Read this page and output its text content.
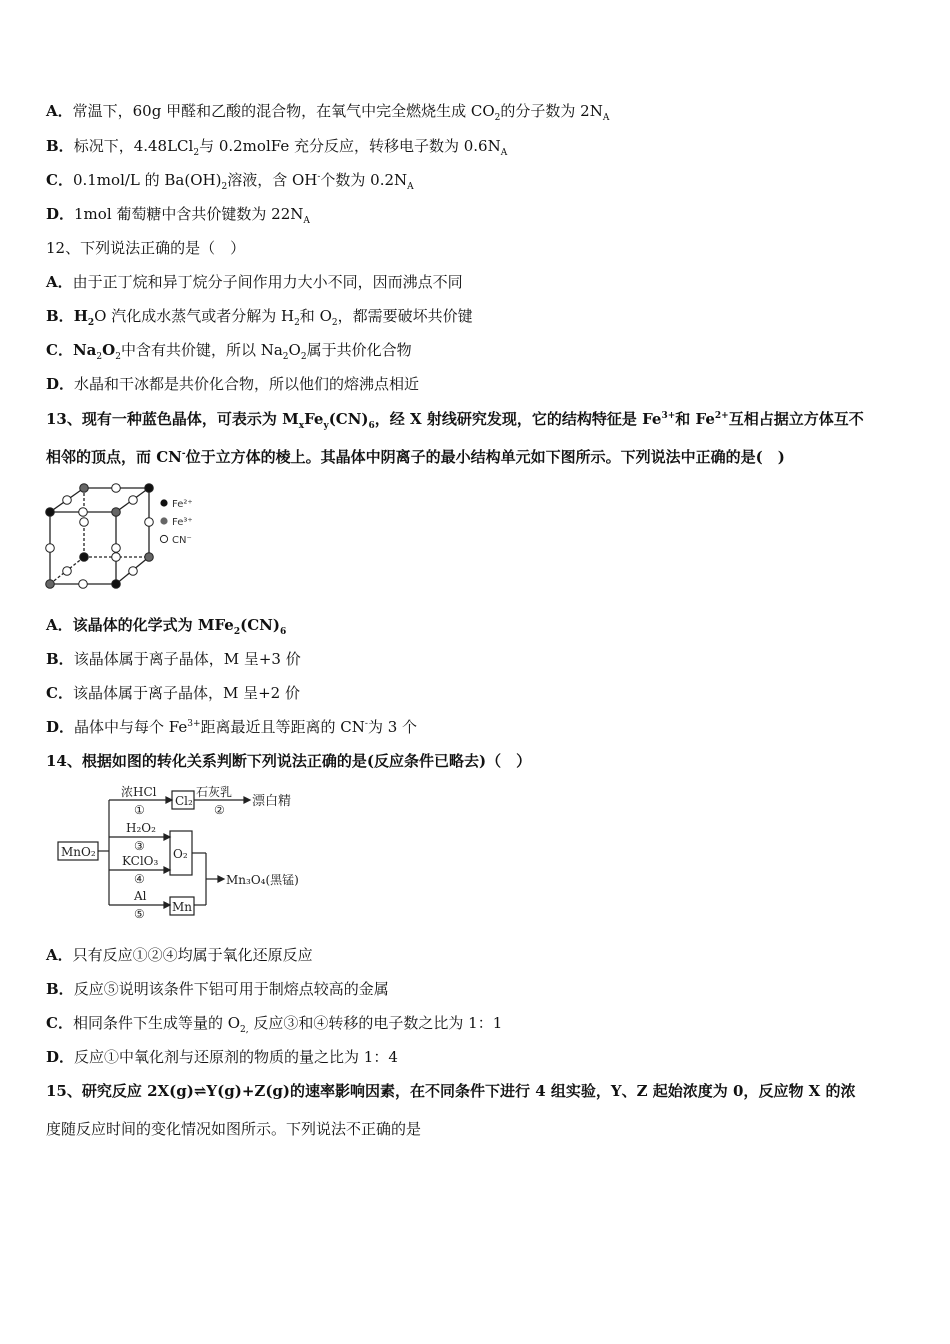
A．常温下，60g 甲醛和乙酸的混合物，在氧气中完全燃烧生成 $CO_2$的分子数为 $2N_A$
B．标况下，4.48LCl$_2$与 0.2molFe 充分反应，转移电子数为 $0.6N_A$
C．0.1mol/L 的 $Ba(OH)_2$溶液，含 OH-个数为 $0.2N_A$
D．1mol 葡萄糖中含共价键数为 $22N_A$
12、下列说法正确的是（　）
A．由于正丁烷和异丁烷分子间作用力大小不同，因而沸点不同
B．$H_2O$ 汽化成水蒸气或者分解为 $H_2$和 $O_2$，都需要破坏共价键
C．$Na_2O_2$中含有共价键，所以 $Na_2O_2$属于共价化合物
D．水晶和干冰都是共价化合物，所以他们的熔沸点相近
13、现有一种蓝色晶体，可表示为 $M_xFe_y(CN)_6$，经 X 射线研究发现，它的结构特征是 $Fe^{3+}$和 $Fe^{2+}$互相占据立方体互不
相邻的顶点，而 CN-位于立方体的棱上。其晶体中阴离子的最小结构单元如下图所示。下列说法中正确的是(　)
Fe²⁺
Fe³⁺
CN⁻
A．该晶体的化学式为 $MFe_2(CN)_6$
B．该晶体属于离子晶体，M 呈+3 价
C．该晶体属于离子晶体，M 呈+2 价
D．晶体中与每个 $Fe^{3+}$距离最近且等距离的 CN-为 3 个
14、根据如图的转化关系判断下列说法正确的是(反应条件已略去)（　）
MnO₂
浓HCl
①
Cl₂
石灰乳
②
漂白精
H₂O₂
③
KClO₃
④
O₂
Al
⑤ Mn
Mn₃O₄(黑锰)
A．只有反应①②④均属于氧化还原反应
B．反应⑤说明该条件下铝可用于制熔点较高的金属
C．相同条件下生成等量的 $O_{2,}$ 反应③和④转移的电子数之比为 1：1
D．反应①中氧化剂与还原剂的物质的量之比为 1：4
15、研究反应 2X(g)⇌Y(g)+Z(g)的速率影响因素，在不同条件下进行 4 组实验，Y、Z 起始浓度为 0，反应物 X 的浓
度随反应时间的变化情况如图所示。下列说法不正确的是
